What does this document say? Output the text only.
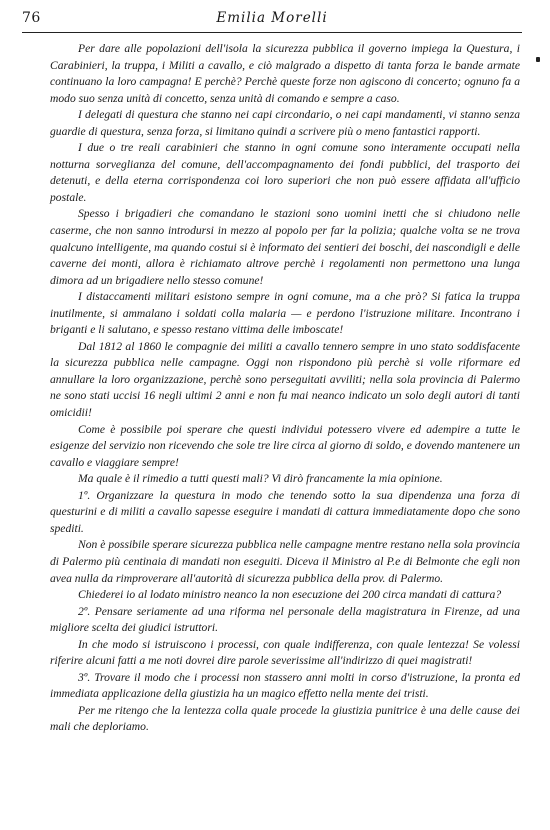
76	Emilia Morelli

Per dare alle popolazioni dell'isola la sicurezza pubblica il governo impiega la Questura, i Carabinieri, la truppa, i Militi a cavallo, e ciò malgrado a dispetto di tanta forza le bande armate continuano la loro campagna! E perchè? Perchè queste forze non agiscono di concerto; ognuno fa a modo suo senza unità di concetto, senza unità di comando e sempre a caso.

I delegati di questura che stanno nei capi circondario, o nei capi mandamenti, vi stanno senza guardie di questura, senza forza, si limitano quindi a scrivere più o meno fantastici rapporti.

I due o tre reali carabinieri che stanno in ogni comune sono interamente occupati nella notturna sorveglianza del comune, dell'accompagnamento dei fondi pubblici, del trasporto dei detenuti, e della eterna corrispondenza coi loro superiori che non può essere affidata all'ufficio postale.

Spesso i brigadieri che comandano le stazioni sono uomini inetti che si chiudono nelle caserme, che non sanno introdursi in mezzo al popolo per far la polizia; qualche volta se ne trova qualcuno intelligente, ma quando costui si è informato dei sentieri dei boschi, dei nascondigli e delle caverne dei monti, allora è richiamato altrove perchè i regolamenti non permettono una lunga dimora ad un brigadiere nello stesso comune!

I distaccamenti militari esistono sempre in ogni comune, ma a che prò? Si fatica la truppa inutilmente, si ammalano i soldati colla malaria — e perdono l'istruzione militare. Incontrano i briganti e li salutano, e spesso restano vittima delle imboscate!

Dal 1812 al 1860 le compagnie dei militi a cavallo tennero sempre in uno stato soddisfacente la sicurezza pubblica nelle campagne. Oggi non rispondono più perchè si volle riformare ed annullare la loro organizzazione, perchè sono perseguitati avviliti; nella sola provincia di Palermo ne sono stati uccisi 16 negli ultimi 2 anni e non fu mai neanco indicato un solo degli autori di tanti omicidii!

Come è possibile poi sperare che questi individui potessero vivere ed adempire a tutte le esigenze del servizio non ricevendo che sole tre lire circa al giorno di soldo, e dovendo mantenere un cavallo e viaggiare sempre!

Ma quale è il rimedio a tutti questi mali? Vi dirò francamente la mia opinione.

1º. Organizzare la questura in modo che tenendo sotto la sua dipendenza una forza di questurini e di militi a cavallo sapesse eseguire i mandati di cattura immediatamente dopo che sono spediti.

Non è possibile sperare sicurezza pubblica nelle campagne mentre restano nella sola provincia di Palermo più centinaia di mandati non eseguiti. Diceva il Ministro al P.e di Belmonte che egli non avea nulla da rimproverare all'autorità di sicurezza pubblica della prov. di Palermo.

Chiederei io al lodato ministro neanco la non esecuzione dei 200 circa mandati di cattura?

2º. Pensare seriamente ad una riforma nel personale della magistratura in Firenze, ad una migliore scelta dei giudici istruttori.

In che modo si istruiscono i processi, con quale indifferenza, con quale lentezza! Se volessi riferire alcuni fatti a me noti dovrei dire parole severissime all'indirizzo di quei magistrati!

3º. Trovare il modo che i processi non stassero anni molti in corso d'istruzione, la pronta ed immediata applicazione della giustizia ha un magico effetto nella mente dei tristi.

Per me ritengo che la lentezza colla quale procede la giustizia punitrice è una delle cause dei mali che deploriamo.
